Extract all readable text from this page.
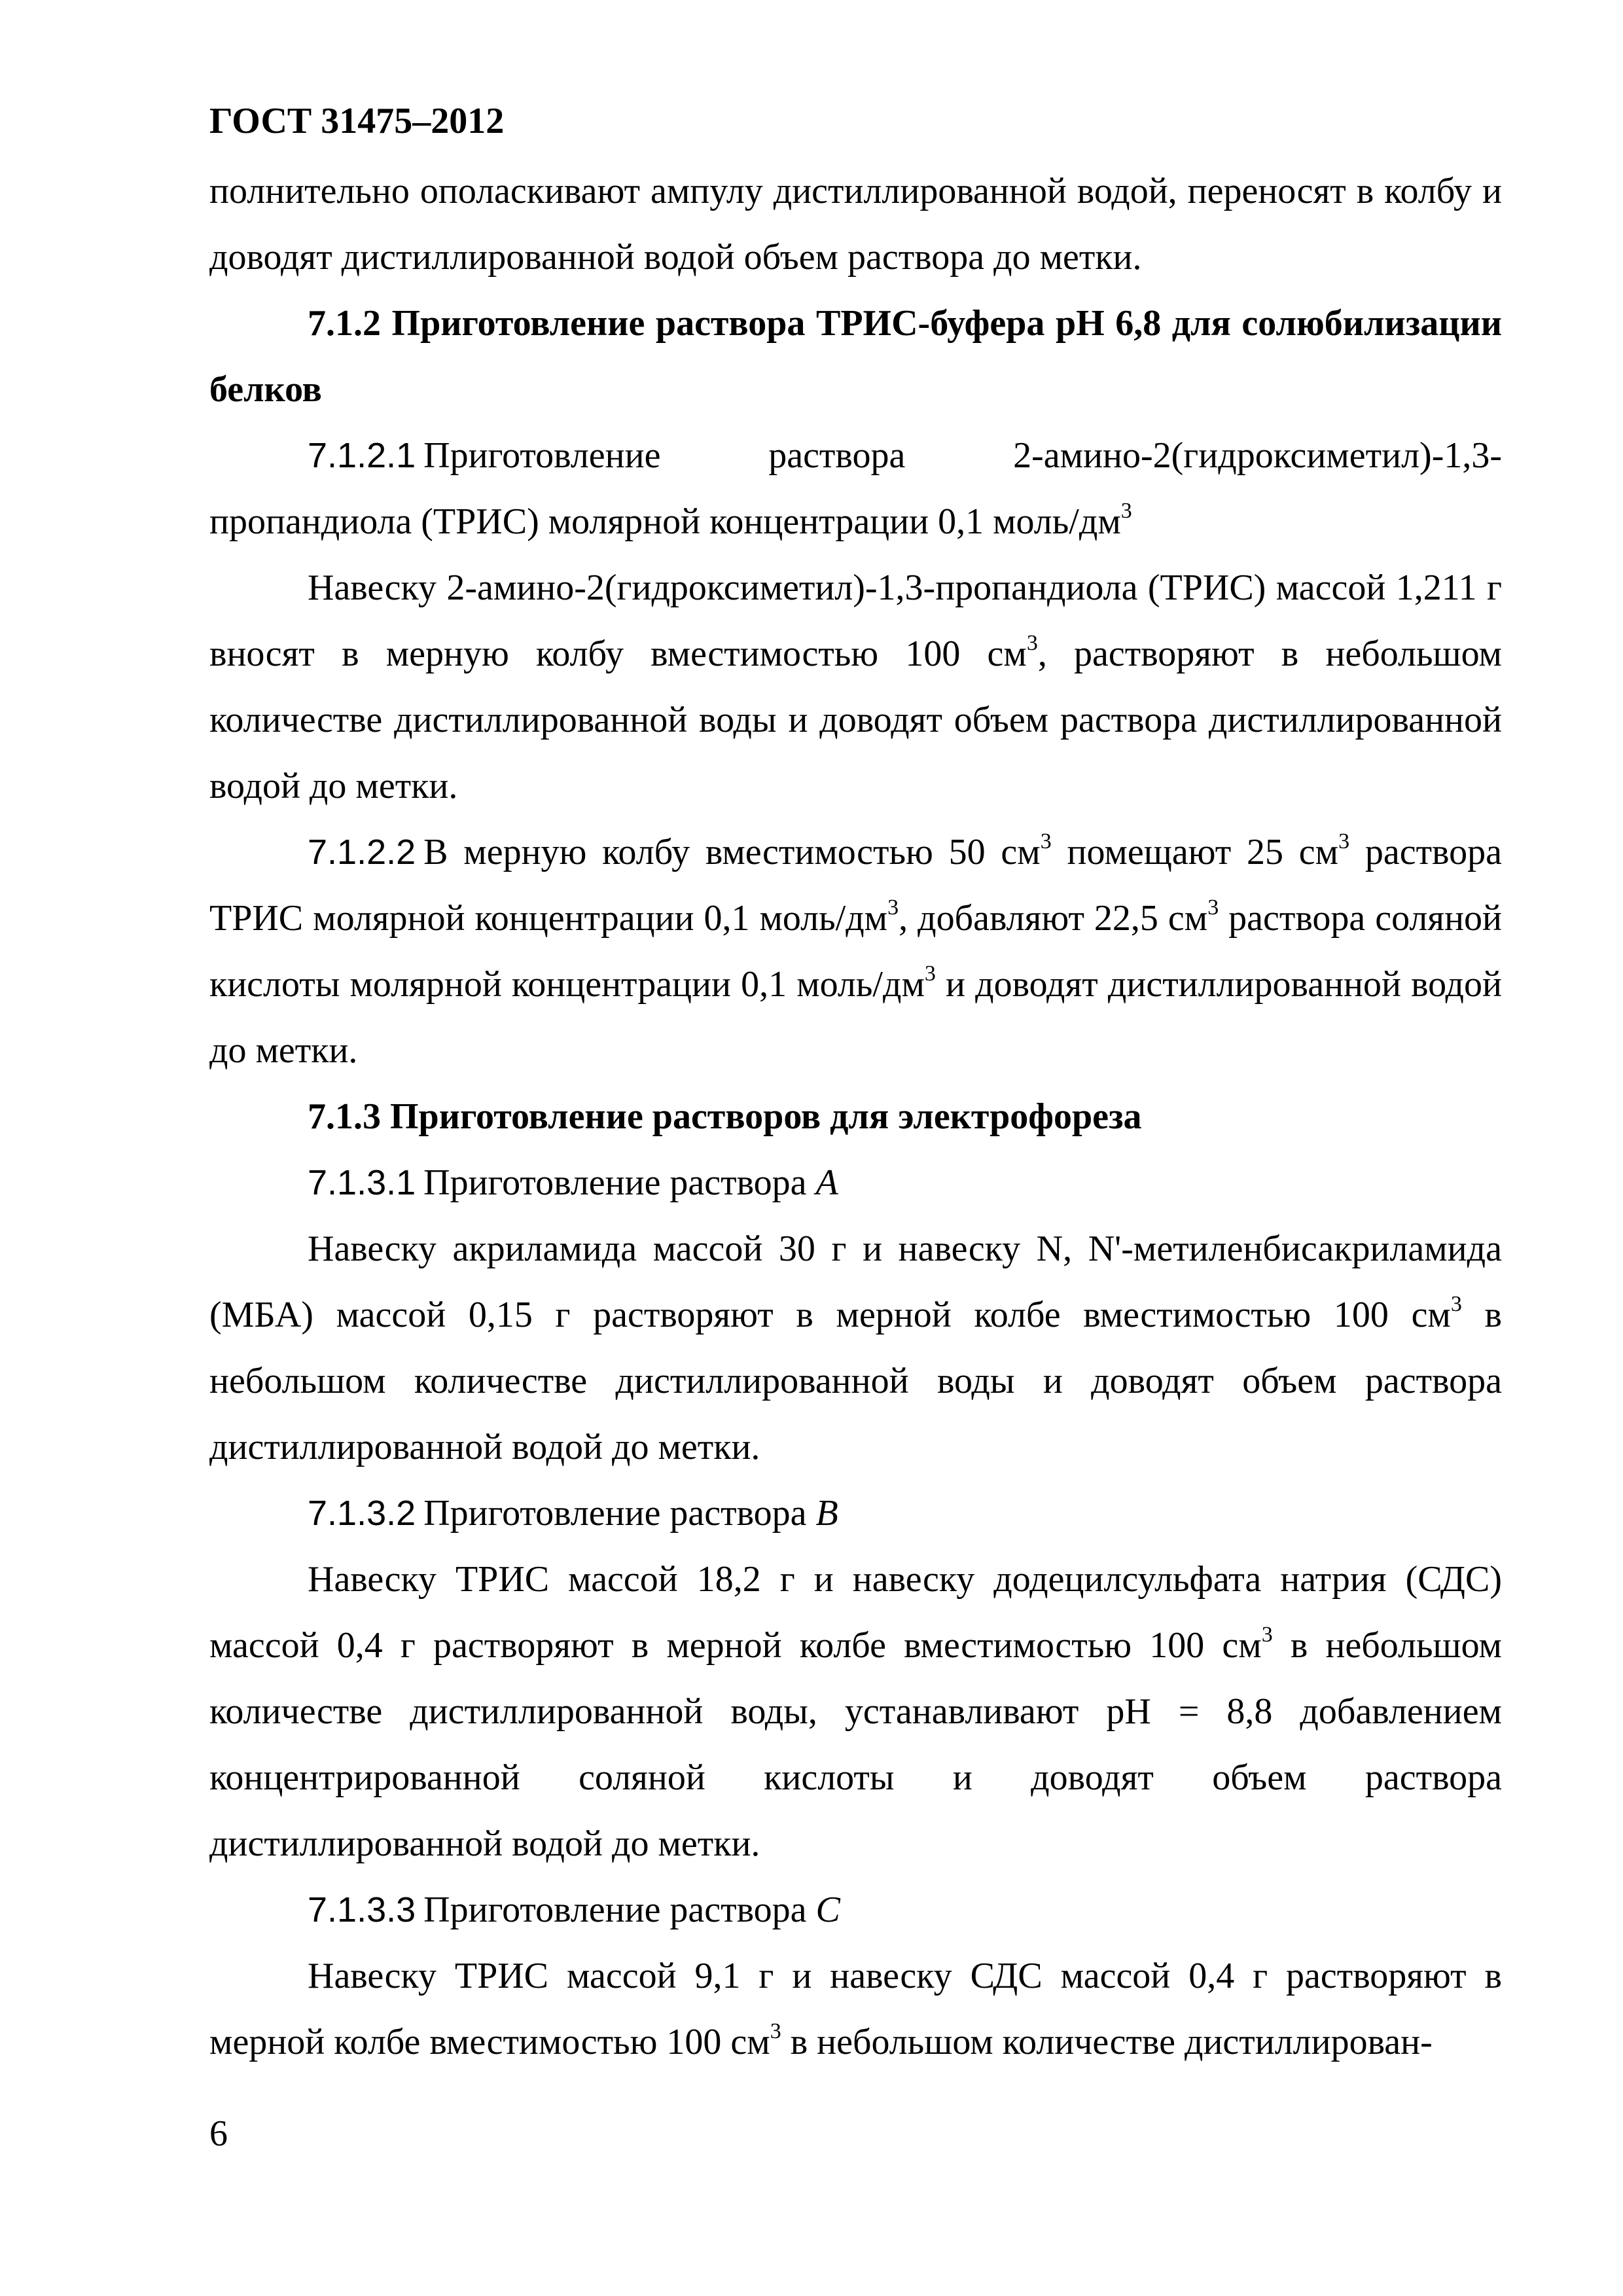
ГОСТ 31475–2012

полнительно ополаскивают ампулу дистиллированной водой, переносят в колбу и доводят дистиллированной водой объем раствора до метки.

7.1.2 Приготовление раствора ТРИС-буфера рН 6,8 для солюбилизации белков

7.1.2.1 Приготовление раствора 2-амино-2(гидроксиметил)-1,3-пропандиола (ТРИС) молярной концентрации 0,1 моль/$дм^3$

Навеску 2-амино-2(гидроксиметил)-1,3-пропандиола (ТРИС) массой 1,211 г вносят в мерную колбу вместимостью 100 $см^3$, растворяют в небольшом количестве дистиллированной воды и доводят объем раствора дистиллированной водой до метки.

7.1.2.2 В мерную колбу вместимостью 50 $см^3$ помещают 25 $см^3$ раствора ТРИС молярной концентрации 0,1 моль/$дм^3$, добавляют 22,5 $см^3$ раствора соляной кислоты молярной концентрации 0,1 моль/$дм^3$ и доводят дистиллированной водой до метки.

7.1.3 Приготовление растворов для электрофореза

7.1.3.1 Приготовление раствора A

Навеску акриламида массой 30 г и навеску N, N'-метиленбисакриламида (МБА) массой 0,15 г растворяют в мерной колбе вместимостью 100 $см^3$ в небольшом количестве дистиллированной воды и доводят объем раствора дистиллированной водой до метки.

7.1.3.2 Приготовление раствора B

Навеску ТРИС массой 18,2 г и навеску додецилсульфата натрия (СДС) массой 0,4 г растворяют в мерной колбе вместимостью 100 $см^3$ в небольшом количестве дистиллированной воды, устанавливают рН = 8,8 добавлением концентрированной соляной кислоты и доводят объем раствора дистиллированной водой до метки.

7.1.3.3 Приготовление раствора C

Навеску ТРИС массой 9,1 г и навеску СДС массой 0,4 г растворяют в мерной колбе вместимостью 100 $см^3$ в небольшом количестве дистиллирован-

6
